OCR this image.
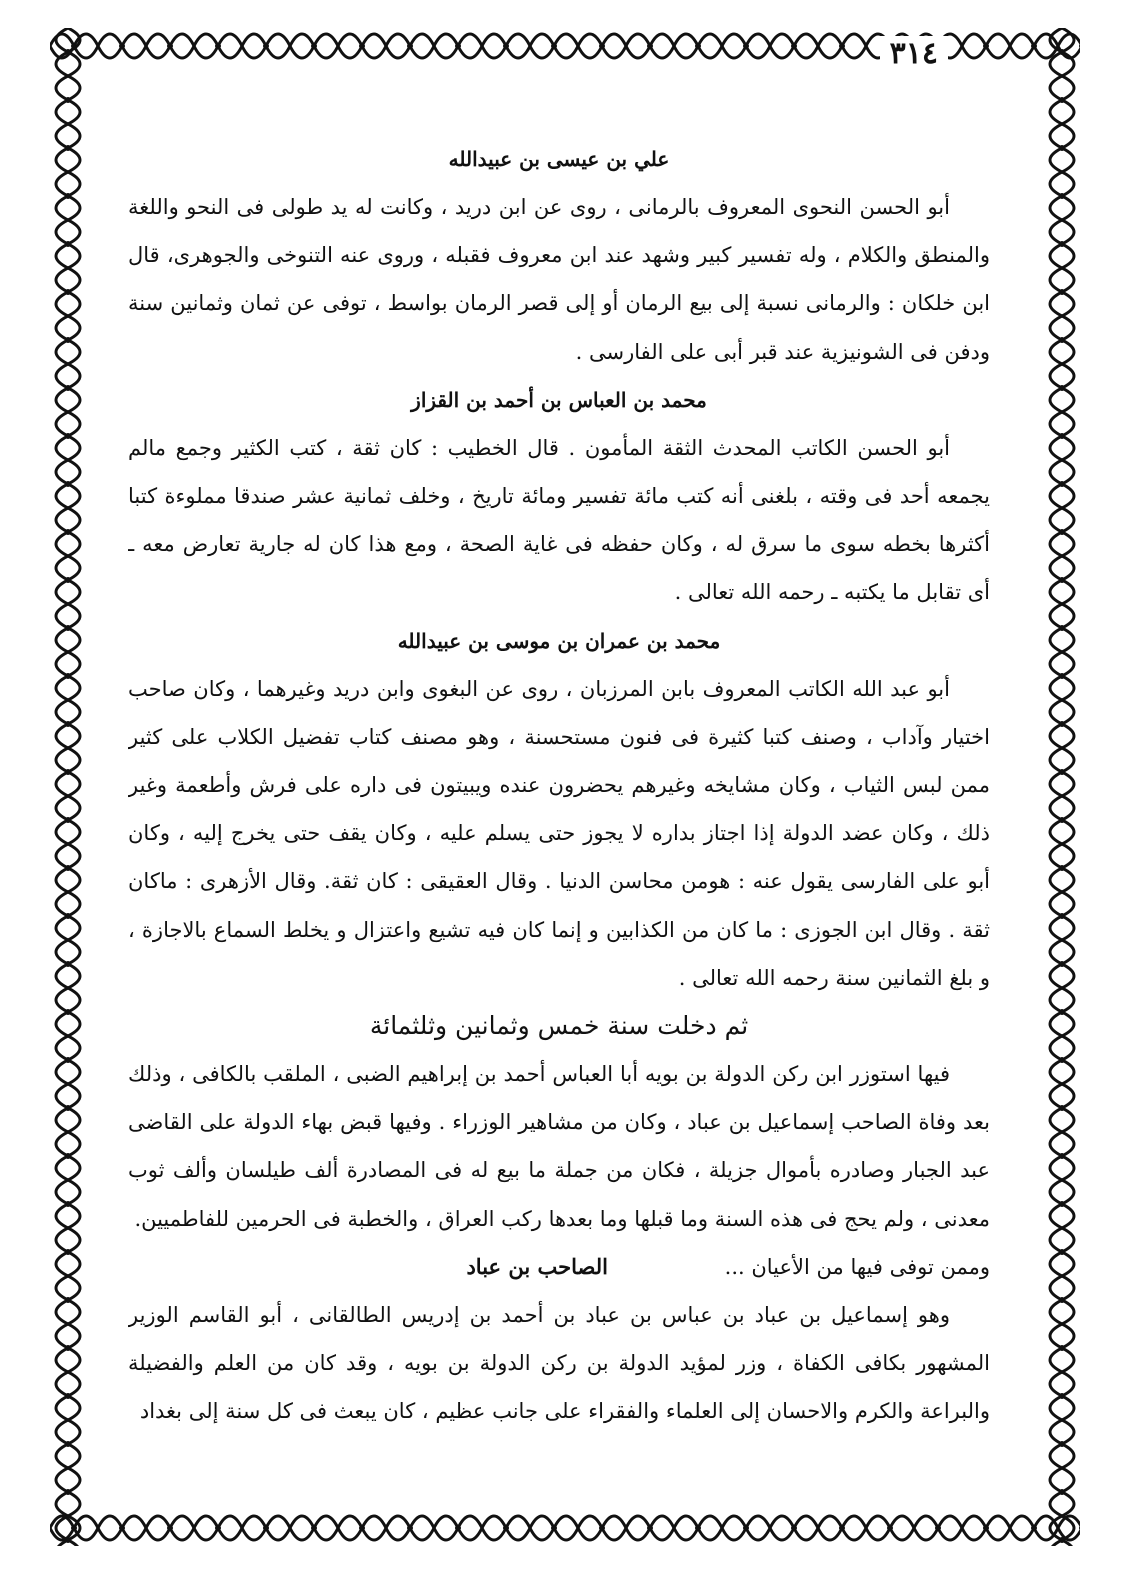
٣١٤
علي بن عيسى بن عبيدالله

أبو الحسن النحوى المعروف بالرمانى ، روى عن ابن دريد ، وكانت له يد طولى فى النحو واللغة والمنطق والكلام ، وله تفسير كبير وشهد عند ابن معروف فقبله ، وروى عنه التنوخى والجوهرى، قال ابن خلكان : والرمانى نسبة إلى بيع الرمان أو إلى قصر الرمان بواسط ، توفى عن ثمان وثمانين سنة ودفن فى الشونيزية عند قبر أبى على الفارسى .

محمد بن العباس بن أحمد بن القزاز

أبو الحسن الكاتب المحدث الثقة المأمون . قال الخطيب : كان ثقة ، كتب الكثير وجمع مالم يجمعه أحد فى وقته ، بلغنى أنه كتب مائة تفسير ومائة تاريخ ، وخلف ثمانية عشر صندقا مملوءة كتبا أكثرها بخطه سوى ما سرق له ، وكان حفظه فى غاية الصحة ، ومع هذا كان له جارية تعارض معه ـ أى تقابل ما يكتبه ـ رحمه الله تعالى .

محمد بن عمران بن موسى بن عبيدالله

أبو عبد الله الكاتب المعروف بابن المرزبان ، روى عن البغوى وابن دريد وغيرهما ، وكان صاحب اختيار وآداب ، وصنف كتبا كثيرة فى فنون مستحسنة ، وهو مصنف كتاب تفضيل الكلاب على كثير ممن لبس الثياب ، وكان مشايخه وغيرهم يحضرون عنده ويبيتون فى داره على فرش وأطعمة وغير ذلك ، وكان عضد الدولة إذا اجتاز بداره لا يجوز حتى يسلم عليه ، وكان يقف حتى يخرج إليه ، وكان أبو على الفارسى يقول عنه : هومن محاسن الدنيا . وقال العقيقى : كان ثقة. وقال الأزهرى : ماكان ثقة . وقال ابن الجوزى : ما كان من الكذابين و إنما كان فيه تشيع واعتزال و يخلط السماع بالاجازة ، و بلغ الثمانين سنة رحمه الله تعالى .

ثم دخلت سنة خمس وثمانين وثلثمائة

فيها استوزر ابن ركن الدولة بن بويه أبا العباس أحمد بن إبراهيم الضبى ، الملقب بالكافى ، وذلك بعد وفاة الصاحب إسماعيل بن عباد ، وكان من مشاهير الوزراء . وفيها قبض بهاء الدولة على القاضى عبد الجبار وصادره بأموال جزيلة ، فكان من جملة ما بيع له فى المصادرة ألف طيلسان وألف ثوب معدنى ، ولم يحج فى هذه السنة وما قبلها وما بعدها ركب العراق ، والخطبة فى الحرمين للفاطميين.

وممن توفى فيها من الأعيان ... الصاحب بن عباد

وهو إسماعيل بن عباد بن عباس بن عباد بن أحمد بن إدريس الطالقانى ، أبو القاسم الوزير المشهور بكافى الكفاة ، وزر لمؤيد الدولة بن ركن الدولة بن بويه ، وقد كان من العلم والفضيلة والبراعة والكرم والاحسان إلى العلماء والفقراء على جانب عظيم ، كان يبعث فى كل سنة إلى بغداد
